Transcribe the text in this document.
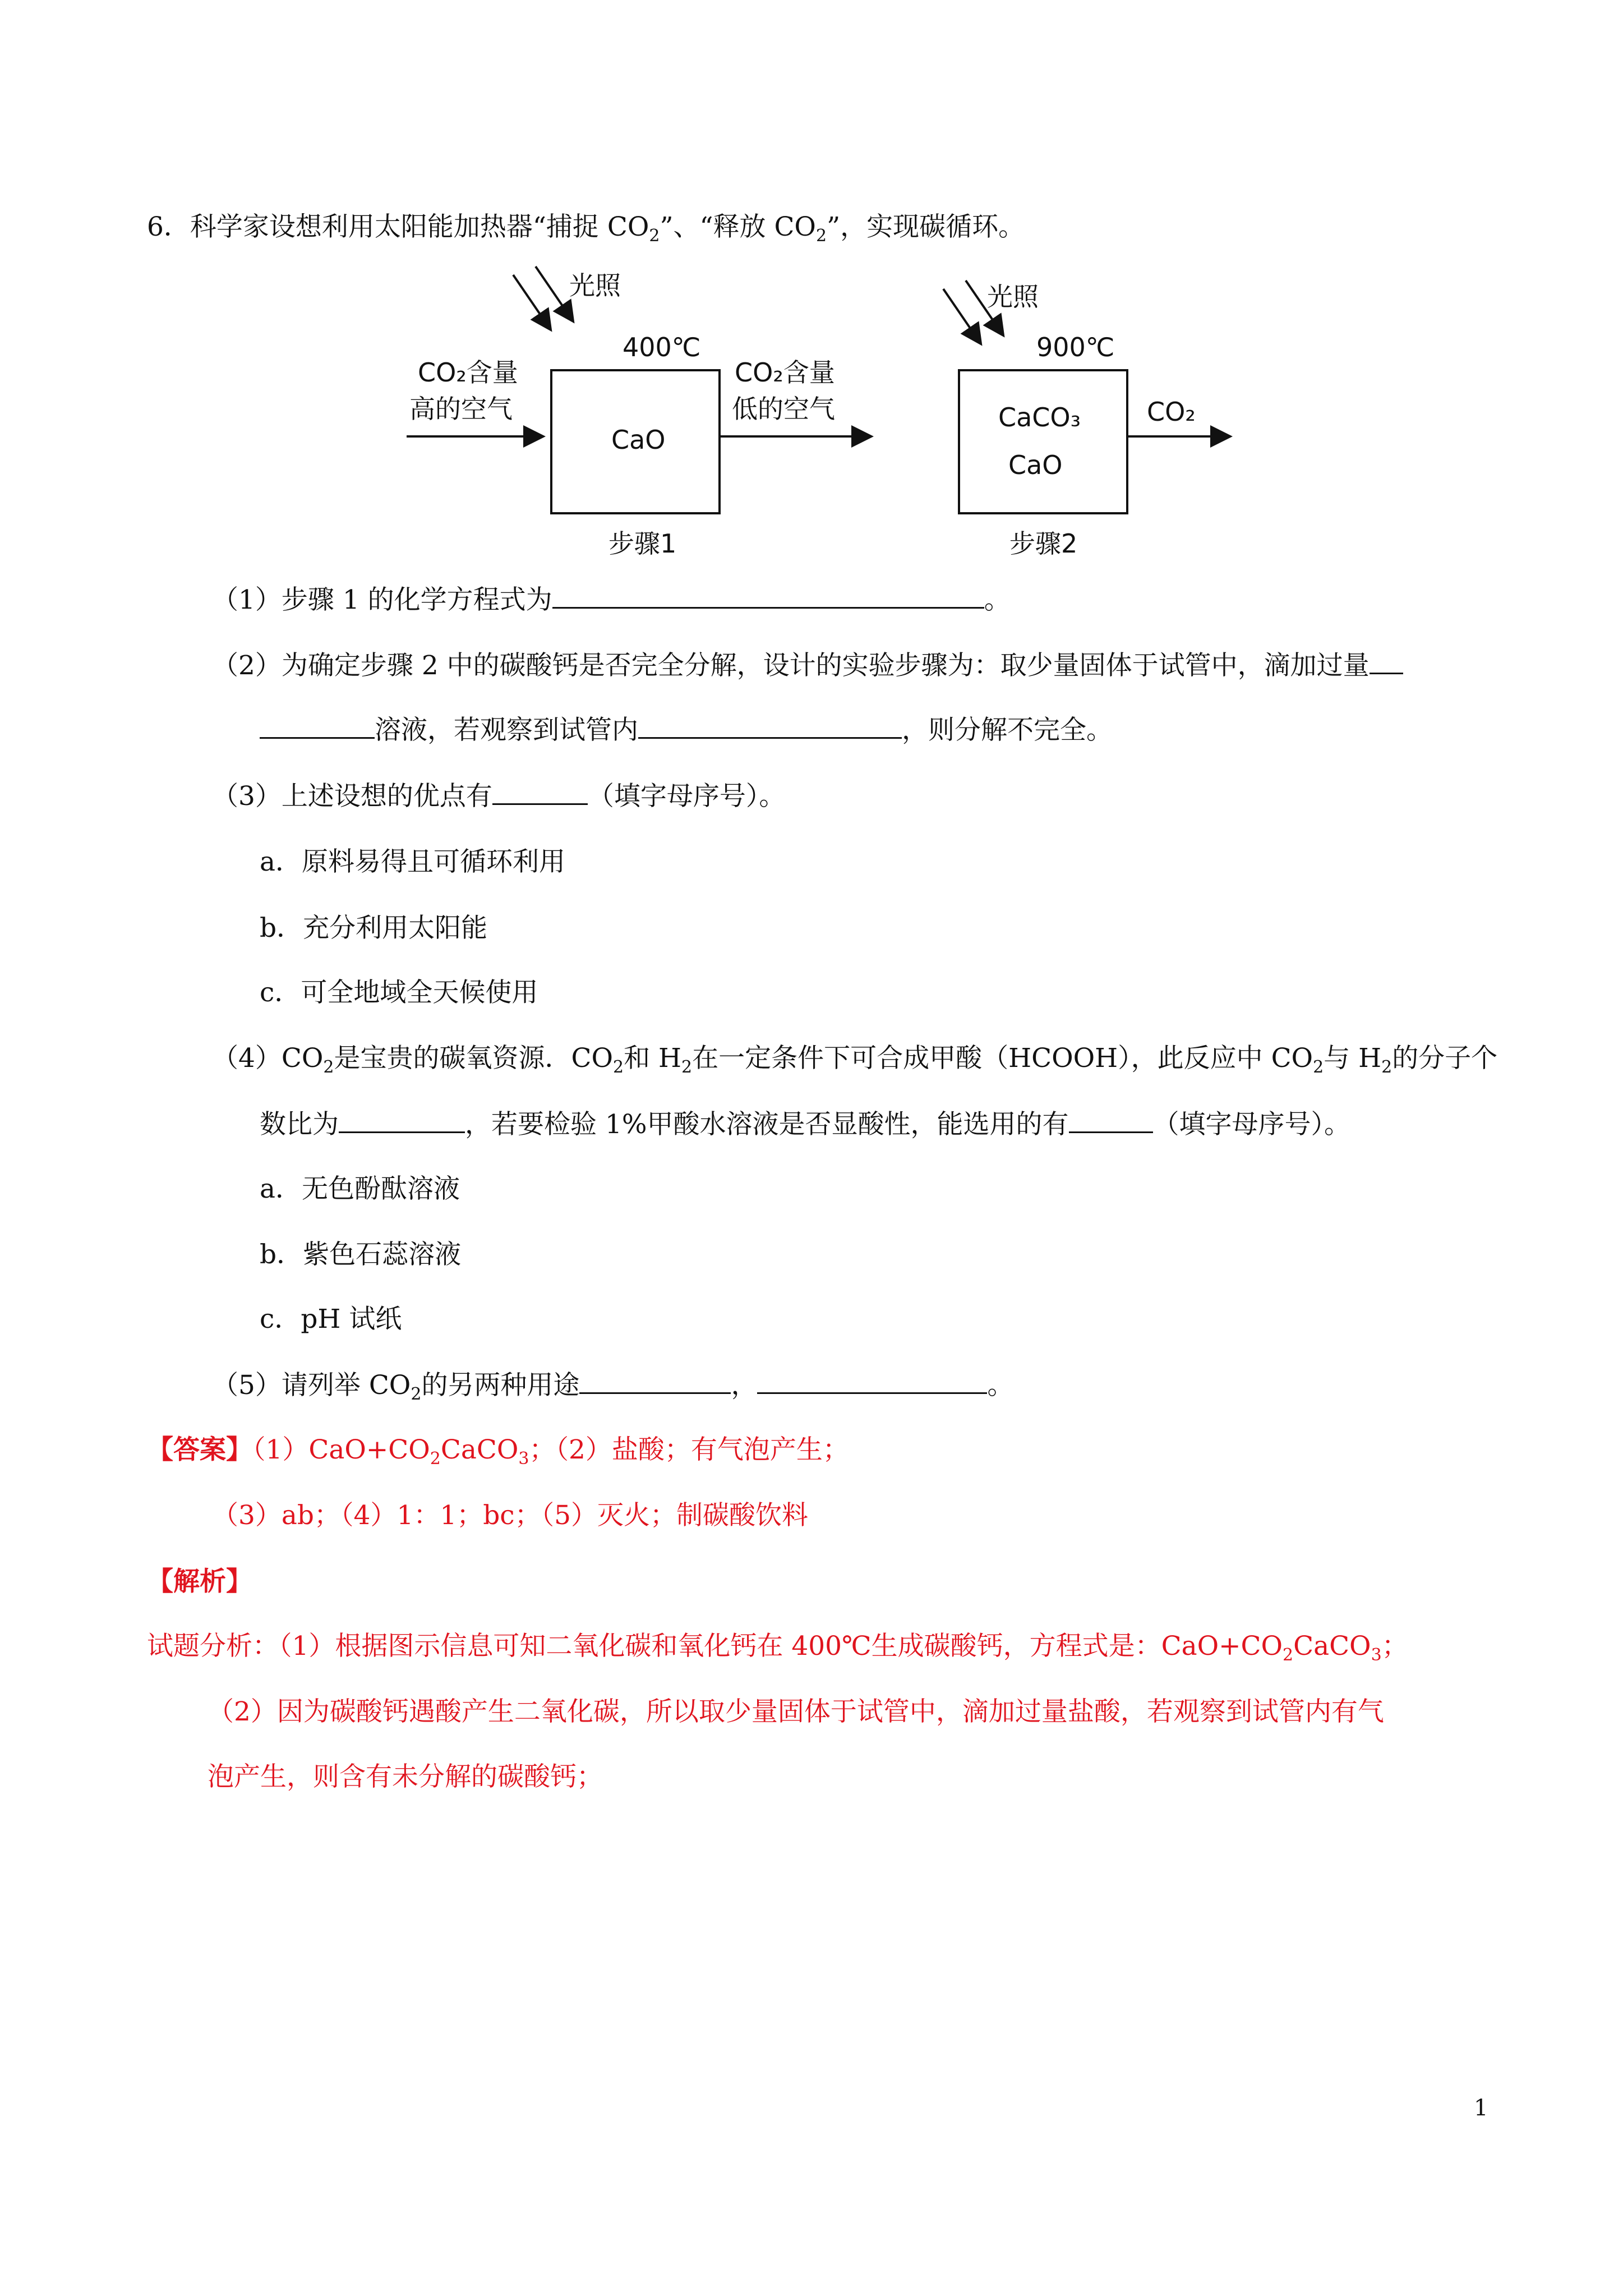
6．科学家设想利用太阳能加热器“捕捉 $CO_2$”、“释放 $CO_2$”，实现碳循环。
光照
400℃
CO₂含量
高的空气
CaO
CO₂含量
低的空气
步骤1
光照
900℃
CaCO₃
CaO
CO₂
步骤2
（1）步骤 1 的化学方程式为	。
（2）为确定步骤 2 中的碳酸钙是否完全分解，设计的实验步骤为：取少量固体于试管中，滴加过量
溶液，若观察到试管内	，则分解不完全。
（3）上述设想的优点有	（填字母序号）。
a．原料易得且可循环利用
b．充分利用太阳能
c．可全地域全天候使用
$(4)CO_2$是宝贵的碳氧资源．$CO_2$和 $H_2$在一定条件下可合成甲酸（HCOOH），此反应中 $CO_2$与 $H_2$的分子个
数比为	，若要检验 1%甲酸水溶液是否显酸性，能选用的有	（填字母序号）。
a．无色酚酞溶液
b．紫色石蕊溶液
c．pH 试纸
（5）请列举 $CO_2$的另两种用途	，	。
【答案】$(1)CaO+CO_2CaCO_3$；（2）盐酸；有气泡产生；
（3）ab；（4）1：1；bc；（5）灭火；制碳酸饮料
【解析】
试题分析：（1）根据图示信息可知二氧化碳和氧化钙在 400℃生成碳酸钙，方程式是：$CaO+CO_2CaCO_3$；
（2）因为碳酸钙遇酸产生二氧化碳，所以取少量固体于试管中，滴加过量盐酸，若观察到试管内有气
泡产生，则含有未分解的碳酸钙；
1
